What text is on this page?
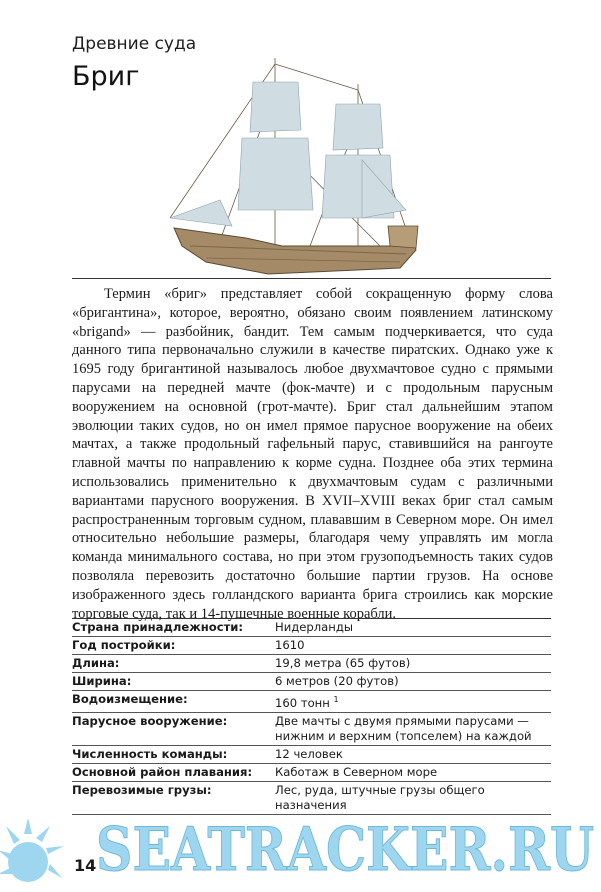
Древние суда
Бриг

Термин «бриг» представляет собой сокращенную форму слова «бригантина», которое, вероятно, обязано своим появлением латинскому «brigand» — разбойник, бандит. Тем самым подчеркивается, что суда данного типа первоначально служили в качестве пиратских. Однако уже к 1695 году бригантиной называлось любое двухмачтовое судно с прямыми парусами на передней мачте (фок-мачте) и с продольным парусным вооружением на основной (грот-мачте). Бриг стал дальнейшим этапом эволюции таких судов, но он имел прямое парусное вооружение на обеих мачтах, а также продольный гафельный парус, ставившийся на рангоуте главной мачты по направлению к корме судна. Позднее оба этих термина использовались применительно к двухмачтовым судам с различными вариантами парусного вооружения. В XVII–XVIII веках бриг стал самым распространенным торговым судном, плававшим в Северном море. Он имел относительно небольшие размеры, благодаря чему управлять им могла команда минимального состава, но при этом грузоподъемность таких судов позволяла перевозить достаточно большие партии грузов. На основе изображенного здесь голландского варианта брига строились как морские торговые суда, так и 14-пушечные военные корабли.

Страна принадлежности:	Нидерланды
Год постройки:	1610
Длина:	19,8 метра (65 футов)
Ширина:	6 метров (20 футов)
Водоизмещение:	160 тонн $^1$
Парусное вооружение:	Две мачты с двумя прямыми парусами — нижним и верхним (топселем) на каждой
Численность команды:	12 человек
Основной район плавания:	Каботаж в Северном море
Перевозимые грузы:	Лес, руда, штучные грузы общего назначения
14 SEATRACKER.RU
